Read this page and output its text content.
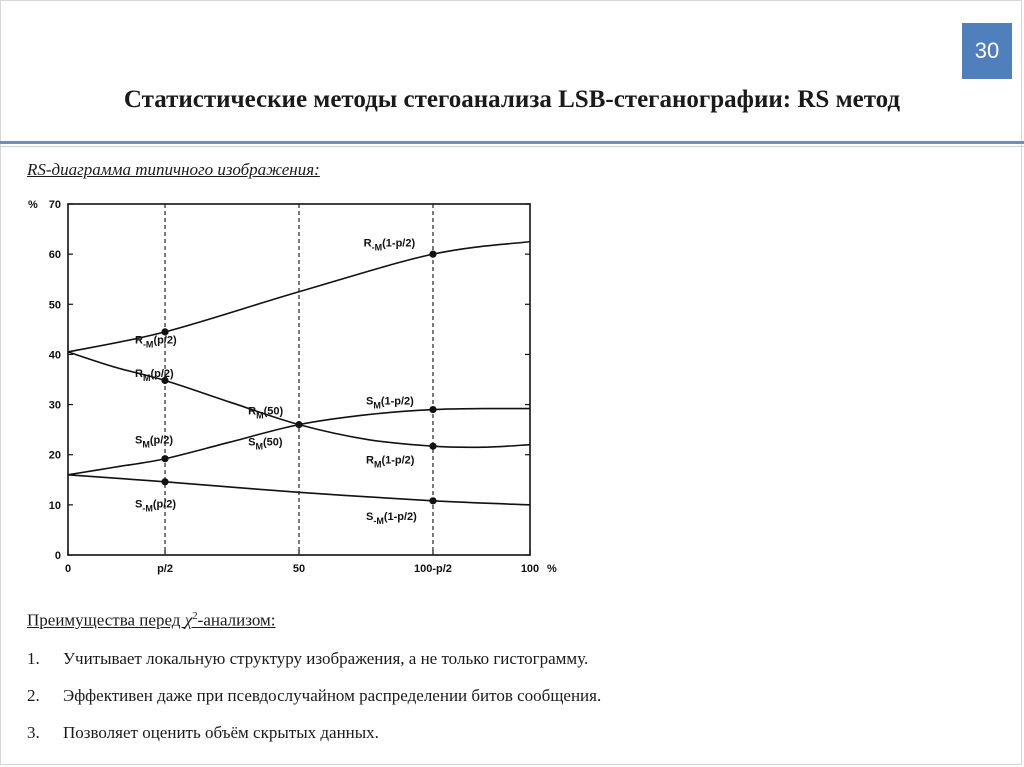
30
Статистические методы стегоанализа LSB-стеганографии: RS метод
RS-диаграмма типичного изображения:
0
10
20
30
40
50
60
70
%
0	p/2	50	100-p/2	100 %
$R_{-M}(1-p/2)$
$R_{-M}(p/2)$
$R_M(p/2)$
$R_M(50)$
$S_M(1-p/2)$
$S_M(p/2)$	$S_M(50)$
$R_M(1-p/2)$
$S_{-M}(p/2)$
$S_{-M}(1-p/2)$
Преимущества перед $\chi^2$-анализом:
1.	Учитывает локальную структуру изображения, а не только гистограмму.
2.	Эффективен даже при псевдослучайном распределении битов сообщения.
3.	Позволяет оценить объём скрытых данных.
